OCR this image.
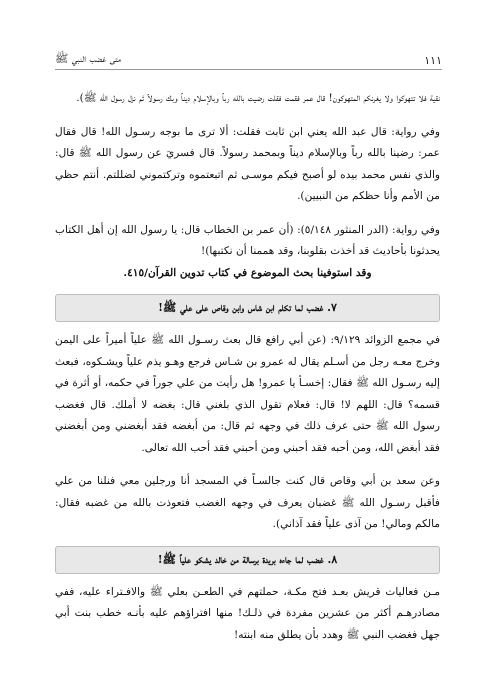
متى غضب النبي ﷺ	١١١

نقية فلا تتهوكوا ولا يغرنكم المتهوكون! قال عمر فقمت فقلت رضيت بالله رباً وبالإسلام ديناً وبك رسولاً ثم نزل رسول الله ﷺ).

وفي رواية: قال عبد الله يعني ابن ثابت فقلت: ألا ترى ما بوجه رسـول الله! قال فقال عمر: رضينا بالله رباً وبالإسلام ديناً وبمحمد رسولاً. قال فسريَ عن رسول الله ﷺ قال: والذي نفس محمد بيده لو أصبح فيكم موسـى ثم اتبعتموه وتركتموني لضللتم. أنتم حظي من الأمم وأنا حظكم من النبيين).

وفي رواية: (الدر المنثور ٥/١٤٨): (أن عمر بن الخطاب قال: يا رسول الله إن أهل الكتاب يحدثونا بأحاديث قد أخذت بقلوبنا، وقد هممنا أن نكتبها)!

وقد استوفينا بحث الموضوع في كتاب تدوين القرآن/٤١٥.

٧. غضب لما تكلم ابن شاس وابن وقاص على علي ﷺ!

في مجمع الزوائد ٩/١٢٩: (عن أبي رافع قال بعث رسـول الله ﷺ علياً أميراً على اليمن وخرج معـه رجل من أسـلم يقال له عمرو بن شـاس فرجع وهـو يذم علياً ويشـكوه، فبعث إليه رسـول الله ﷺ فقال: إخسـأ يا عمرو! هل رأيت من علي جوراً في حكمه، أو أثرة في قسمه؟ قال: اللهم لا! قال: فعلام تقول الذي بلغني قال: بغضه لا أملك. قال فغضب رسول الله ﷺ حتى عرف ذلك في وجهه ثم قال: من أبغضه فقد أبغضني ومن أبغضني فقد أبغض الله، ومن أحبه فقد أحبني ومن أحبني فقد أحب الله تعالى.

وعن سعد بن أبي وقاص قال كنت جالسـاً في المسجد أنا ورجلين معي فنلنا من علي فأقبل رسـول الله ﷺ غضبان يعرف في وجهه الغضب فتعوذت بالله من غضبه فقال: مالكم ومالي! من آذى علياً فقد آذاني).

٨. غضب لما جاءه بريدة برسالة من خالد يشكو علياً ﷺ!

مـن فعاليات قريش بعـد فتح مكـة، حملتهم في الطعـن بعلي ﷺ والافـتراء عليه، ففي مصادرهـم أكثر من عشرين مفردة في ذلـك! منها افتراؤهم عليه بأنـه خطب بنت أبي جهل فغضب النبي ﷺ وهدد بأن يطلق منه ابنته!
